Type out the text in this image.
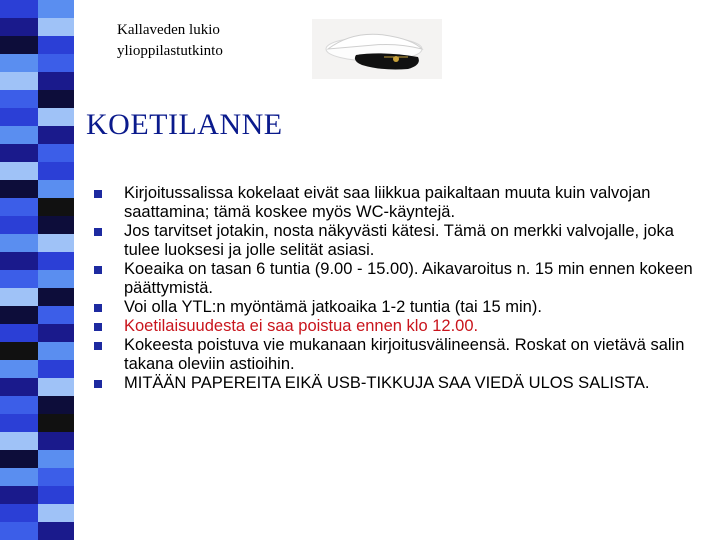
Kallaveden lukio
ylioppilastutkinto
KOETILANNE
Kirjoitussalissa kokelaat eivät saa liikkua paikaltaan muuta kuin valvojan saattamina; tämä koskee myös WC-käyntejä.
Jos tarvitset jotakin, nosta näkyvästi kätesi. Tämä on merkki valvojalle, joka tulee luoksesi ja jolle selität asiasi.
Koeaika on tasan 6 tuntia (9.00 - 15.00). Aikavaroitus n. 15 min ennen kokeen päättymistä.
Voi olla YTL:n myöntämä jatkoaika 1-2 tuntia (tai 15 min).
Koetilaisuudesta ei saa poistua ennen klo 12.00.
Kokeesta poistuva vie mukanaan kirjoitusvälineensä. Roskat on vietävä salin takana oleviin astioihin.
MITÄÄN PAPEREITA EIKÄ USB-TIKKUJA SAA VIEDÄ ULOS SALISTA.
